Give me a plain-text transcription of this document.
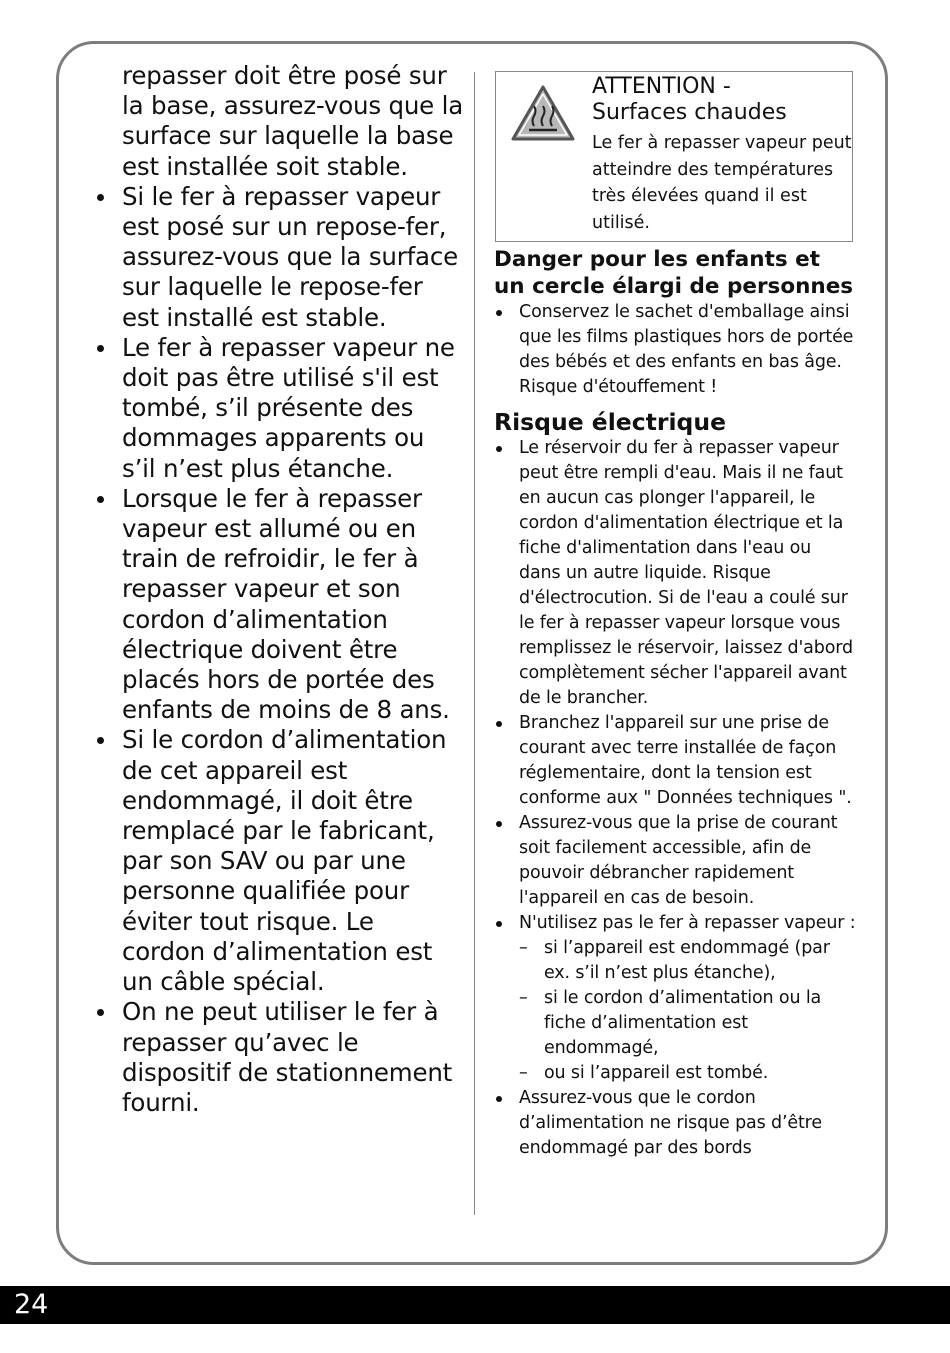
repasser doit être posé sur la base, assurez-vous que la surface sur laquelle la base est installée soit stable.

Si le fer à repasser vapeur est posé sur un repose-fer, assurez-vous que la surface sur laquelle le repose-fer est installé est stable.
Le fer à repasser vapeur ne doit pas être utilisé s'il est tombé, s’il présente des dommages apparents ou s’il n’est plus étanche.
Lorsque le fer à repasser vapeur est allumé ou en train de refroidir, le fer à repasser vapeur et son cordon d’alimentation électrique doivent être placés hors de portée des enfants de moins de 8 ans.
Si le cordon d’alimentation de cet appareil est endommagé, il doit être remplacé par le fabricant, par son SAV ou par une personne qualifiée pour éviter tout risque. Le cordon d’alimentation est un câble spécial.
On ne peut utiliser le fer à repasser qu’avec le dispositif de stationnement fourni.
ATTENTION -
Surfaces chaudes
Le fer à repasser vapeur peut atteindre des températures très élevées quand il est utilisé.
Danger pour les enfants et un cercle élargi de personnes
Conservez le sachet d'emballage ainsi que les films plastiques hors de portée des bébés et des enfants en bas âge. Risque d'étouffement !
Risque électrique
Le réservoir du fer à repasser vapeur peut être rempli d'eau. Mais il ne faut en aucun cas plonger l'appareil, le cordon d'alimentation électrique et la fiche d'alimentation dans l'eau ou dans un autre liquide. Risque d'électrocution. Si de l'eau a coulé sur le fer à repasser vapeur lorsque vous remplissez le réservoir, laissez d'abord complètement sécher l'appareil avant de le brancher.
Branchez l'appareil sur une prise de courant avec terre installée de façon réglementaire, dont la tension est conforme aux " Données techniques ".
Assurez-vous que la prise de courant soit facilement accessible, afin de pouvoir débrancher rapidement l'appareil en cas de besoin.
N'utilisez pas le fer à repasser vapeur :
– si l’appareil est endommagé (par ex. s’il n’est plus étanche),
– si le cordon d’alimentation ou la fiche d’alimentation est endommagé,
– ou si l’appareil est tombé.
Assurez-vous que le cordon d’alimentation ne risque pas d’être endommagé par des bords
24
